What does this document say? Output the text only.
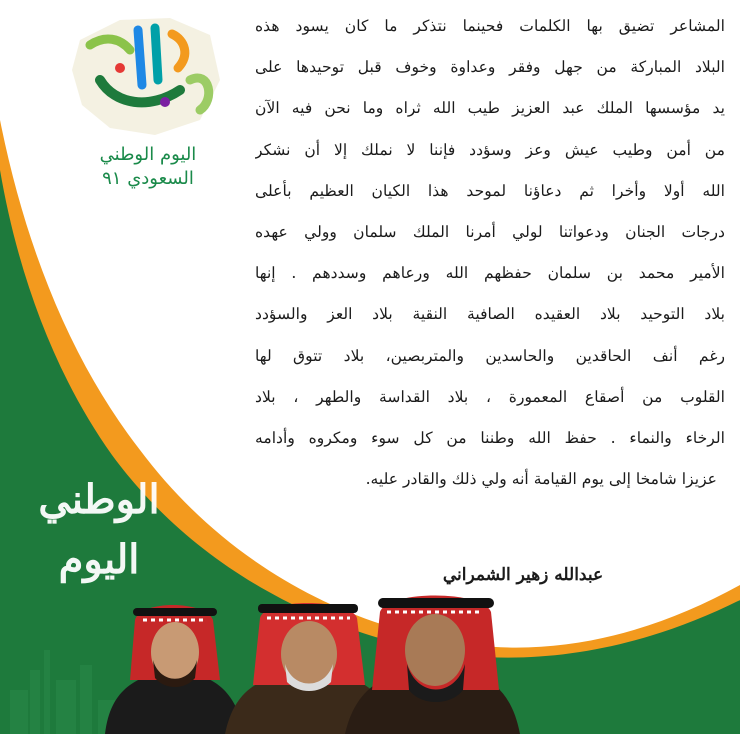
اليوم الوطني
السعودي ٩١
المشاعر تضيق بها الكلمات فحينما نتذكر ما كان يسود هذه
البلاد المباركة من جهل وفقر وعداوة وخوف قبل توحيدها على
يد مؤسسها الملك عبد العزيز طيب الله ثراه وما نحن فيه الآن
من أمن وطيب عيش وعز وسؤدد فإننا لا نملك إلا أن نشكر
الله أولا وأخرا ثم دعاؤنا لموحد هذا الكيان العظيم بأعلى
درجات الجنان ودعواتنا لولي أمرنا الملك سلمان وولي عهده
الأمير محمد بن سلمان حفظهم الله ورعاهم وسددهم . إنها
بلاد التوحيد بلاد العقيده الصافية النقية بلاد العز والسؤدد
رغم أنف الحاقدين والحاسدين والمتربصين، بلاد تتوق لها
القلوب من أصقاع المعمورة ، بلاد القداسة والطهر ، بلاد
الرخاء والنماء . حفظ الله وطننا من كل سوء ومكروه وأدامه
عزيزا شامخا إلى يوم القيامة أنه ولي ذلك والقادر عليه.
عبدالله زهير الشمراني
الوطني
اليوم
